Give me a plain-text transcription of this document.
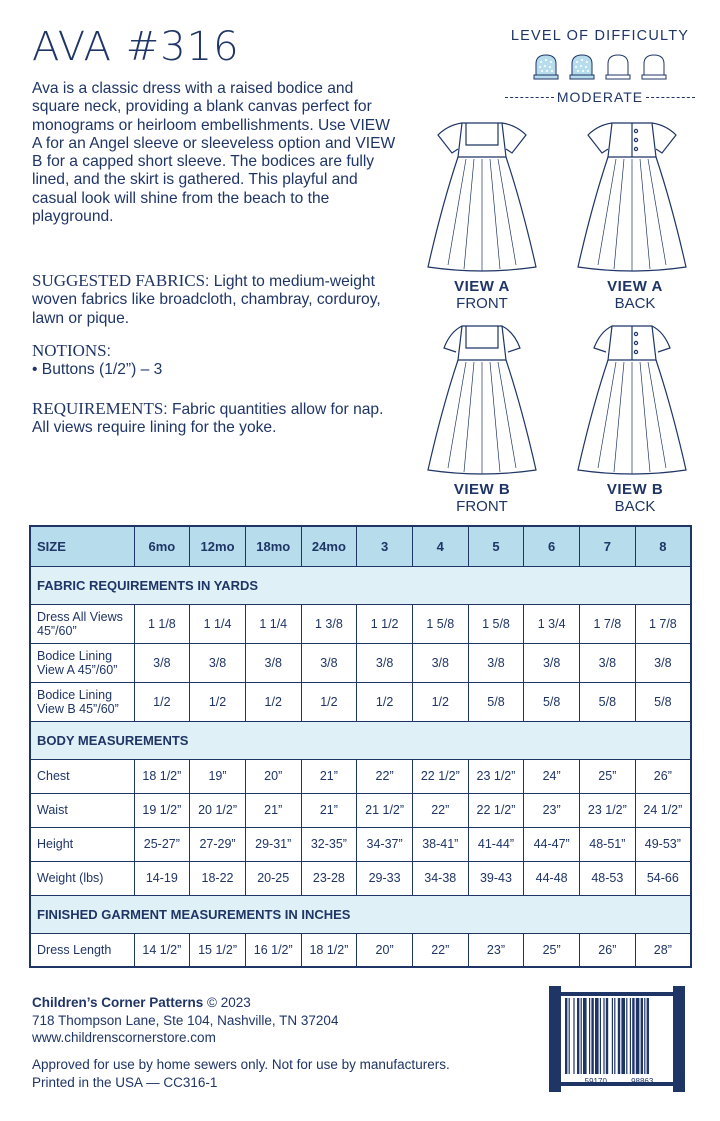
AVA #316

Ava is a classic dress with a raised bodice and square neck, providing a blank canvas perfect for monograms or heirloom embellishments. Use VIEW A for an Angel sleeve or sleeveless option and VIEW B for a capped short sleeve. The bodices are fully lined, and the skirt is gathered. This playful and casual look will shine from the beach to the playground.

SUGGESTED FABRICS: Light to medium-weight woven fabrics like broadcloth, chambray, corduroy, lawn or pique.

NOTIONS:
• Buttons (1/2”) – 3

REQUIREMENTS: Fabric quantities allow for nap. All views require lining for the yoke.

LEVEL OF DIFFICULTY
MODERATE
VIEW A
FRONT
VIEW A
BACK
VIEW B
FRONT
VIEW B
BACK
SIZE	6mo	12mo	18mo	24mo	3	4	5	6	7	8
FABRIC REQUIREMENTS IN YARDS										
Dress All Views
45”/60”	1 1/8	1 1/4	1 1/4	1 3/8	1 1/2	1 5/8	1 5/8	1 3/4	1 7/8	1 7/8
Bodice Lining
View A 45”/60”	3/8	3/8	3/8	3/8	3/8	3/8	3/8	3/8	3/8	3/8
Bodice Lining
View B 45”/60”	1/2	1/2	1/2	1/2	1/2	1/2	5/8	5/8	5/8	5/8
BODY MEASUREMENTS										
Chest	18 1/2”	19”	20”	21”	22”	22 1/2”	23 1/2”	24”	25”	26”
Waist	19 1/2”	20 1/2”	21”	21”	21 1/2”	22”	22 1/2”	23”	23 1/2”	24 1/2”
Height	25-27”	27-29”	29-31”	32-35”	34-37”	38-41”	41-44”	44-47”	48-51”	49-53”
Weight (lbs)	14-19	18-22	20-25	23-28	29-33	34-38	39-43	44-48	48-53	54-66
FINISHED GARMENT MEASUREMENTS IN INCHES										
Dress Length	14 1/2”	15 1/2”	16 1/2”	18 1/2”	20”	22”	23”	25”	26”	28”
Children’s Corner Patterns © 2023
718 Thompson Lane, Ste 104, Nashville, TN 37204
www.childrenscornerstore.com
Approved for use by home sewers only. Not for use by manufacturers.
Printed in the USA — CC316-1	7	59170	98863	1
